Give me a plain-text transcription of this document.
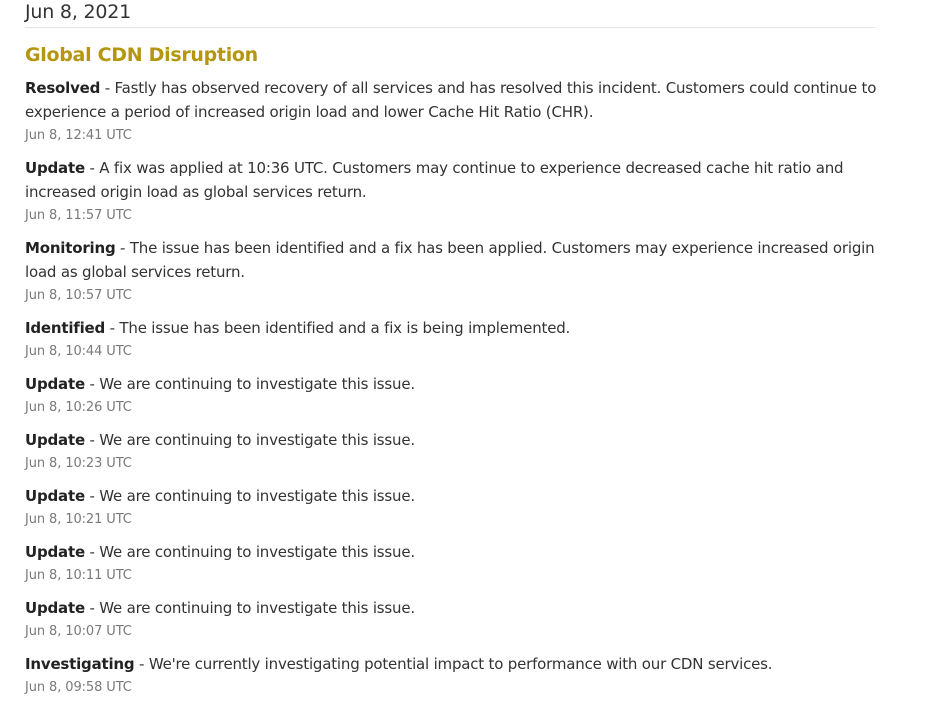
Jun 8, 2021
Global CDN Disruption
Resolved - Fastly has observed recovery of all services and has resolved this incident. Customers could continue to experience a period of increased origin load and lower Cache Hit Ratio (CHR).
Jun 8, 12:41 UTC
Update - A fix was applied at 10:36 UTC. Customers may continue to experience decreased cache hit ratio and increased origin load as global services return.
Jun 8, 11:57 UTC
Monitoring - The issue has been identified and a fix has been applied. Customers may experience increased origin load as global services return.
Jun 8, 10:57 UTC
Identified - The issue has been identified and a fix is being implemented.
Jun 8, 10:44 UTC
Update - We are continuing to investigate this issue.
Jun 8, 10:26 UTC
Update - We are continuing to investigate this issue.
Jun 8, 10:23 UTC
Update - We are continuing to investigate this issue.
Jun 8, 10:21 UTC
Update - We are continuing to investigate this issue.
Jun 8, 10:11 UTC
Update - We are continuing to investigate this issue.
Jun 8, 10:07 UTC
Investigating - We're currently investigating potential impact to performance with our CDN services.
Jun 8, 09:58 UTC
